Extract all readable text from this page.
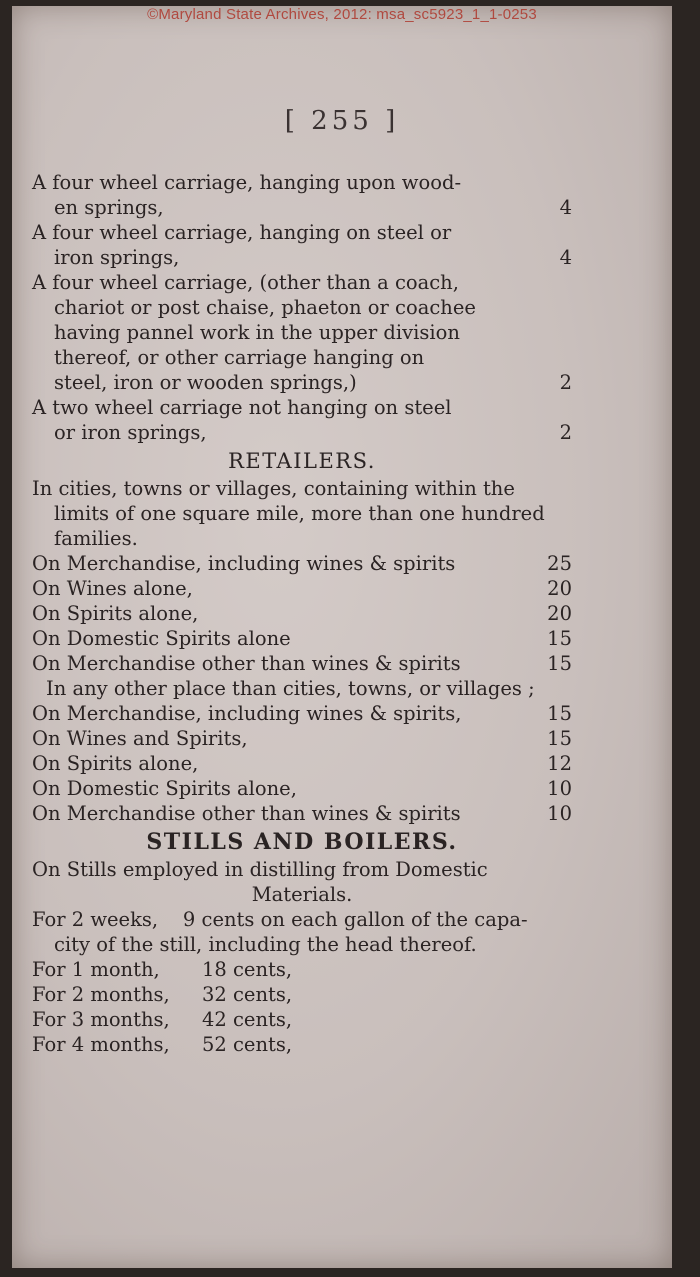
©Maryland State Archives, 2012: msa_sc5923_1_1-0253
[ 255 ]
A four wheel carriage, hanging upon wood-
en springs,	4
A four wheel carriage, hanging on steel or
iron springs,	4
A four wheel carriage, (other than a coach,
chariot or post chaise, phaeton or coachee
having pannel work in the upper division
thereof, or other carriage hanging on
steel, iron or wooden springs,)	2
A two wheel carriage not hanging on steel
or iron springs,	2
RETAILERS.
In cities, towns or villages, containing within the
limits of one square mile, more than one hundred
families.
On Merchandise, including wines & spirits	25
On Wines alone,	20
On Spirits alone,	20
On Domestic Spirits alone	15
On Merchandise other than wines & spirits	15
In any other place than cities, towns, or villages ;
On Merchandise, including wines & spirits,	15
On Wines and Spirits,	15
On Spirits alone,	12
On Domestic Spirits alone,	10
On Merchandise other than wines & spirits	10
STILLS AND BOILERS.
On Stills employed in distilling from Domestic
Materials.
For 2 weeks,    9 cents on each gallon of the capa-
city of the still, including the head thereof.
For 1 month,	18 cents,
For 2 months,	32 cents,
For 3 months,	42 cents,
For 4 months,	52 cents,
